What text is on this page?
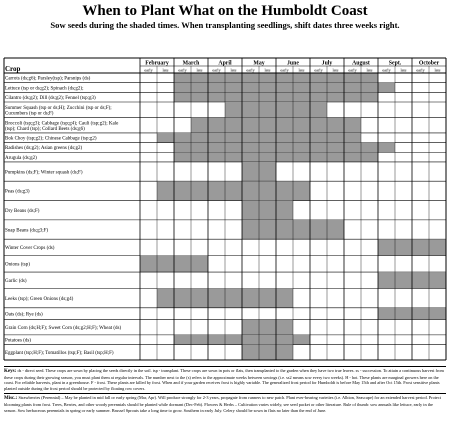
When to Plant What on the Humboldt Coast
Sow seeds during the shaded times. When transplanting seedlings, shift dates three weeks right.
Carrots (ds;g6); Parsley(tsp); Parsnips (ds)
Lettuce (tsp or ds;g2); Spinach (ds;g2);
Cilantro (ds;g2); Dill (ds;g2); Fennel (tsp;g3)
Summer Squash (tsp or ds;H); Zucchini (tsp or ds;F);
Cucumbers (tsp or ds;F)
Broccoli (tsp;g3); Cabbage (tsp;g4); Cauli (tsp;g2); Kale
(tsp); Chard (tsp); Collard Beets (ds;g6)
Bok Choy (tsp;g2); Chinese Cabbage (tsp;g2)
Radishes (ds;g2); Asian greens (ds;g2)
Arugula (ds;g2)
Pumpkins (ds;F); Winter squash (ds;F)
Peas (ds;g3)
Dry Beans (ds;F)
Snap Beans (ds;g3;F)
Winter Cover Crops (ds)
Onions (tsp)
Garlic (ds)
Leeks (tsp); Green Onions (ds;g4)
Oats (ds); Rye (ds)
Grain Corn (ds;H;F); Sweet Corn (ds;g2;H;F); Wheat (ds)
Potatoes (ds)
Eggplant (tsp;H;F); Tomatillos (tsp;F); Basil (tsp;H;F)
Crop
February
early late
March
early late
April
early late
May
early late
June
early late
July
early late
August
early late
Sept.
early late
October
early late
Keys: ds - direct seed. These crops are sown by placing the seeds directly in the soil. tsp - transplant. These crops are sown in pots or flats, then transplanted to the garden when they have two true leaves. ss - succession. To attain a continuous harvest from these crops during their growing season, you must plant them at regular intervals. The number next to the (s) refers to the approximate weeks between sowings (i.e. ss2 means sow every two weeks). H - hot. These plants are marginal growers here on the coast. For reliable harvests, plant in a greenhouse. F - frost. These plants are killed by frost. When and if your garden receives frost is highly variable. The generalized frost period for Humboldt is before May 15th and after Oct 15th. Frost sensitive plants planted outside during the frost period should be protected by floating row covers.
Misc.: Strawberries (Perennial) – May be planted in mid fall or early spring (Mar, Apr). Will produce strongly for 2-3 years, propagate from runners to new patch. Plant ever-bearing varieties (i.e. Albion, Seascape) for an extended harvest period. Protect blooming plants from frost. Trees, Berries, and other woody perennials should be planted while dormant (Dec-Feb). Flowers & Herbs – Cultivation varies widely, see seed packet or other literature. Rule of thumb: sow annuals like lettuce, early in the season. Sow herbaceous perennials in spring or early summer. Brussel Sprouts take a long time to grow. Southern in early July. Celery should be sown in flats no later than the end of June.
